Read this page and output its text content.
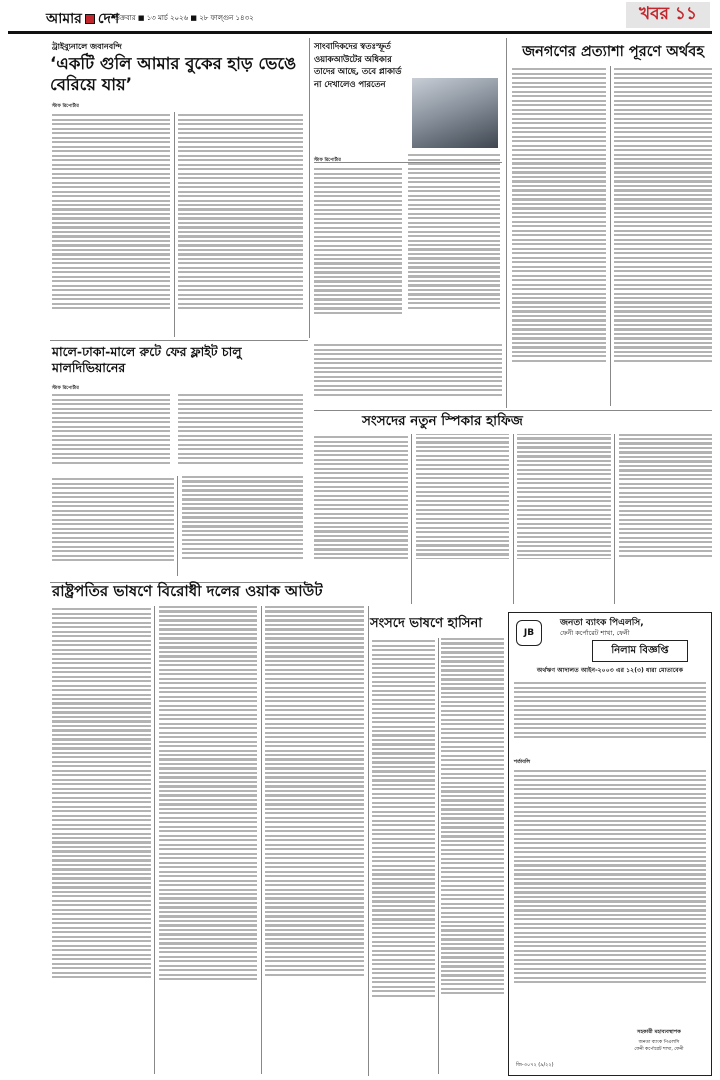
আমার দেশ
শুক্রবার ■ ১৩ মার্চ ২০২৬ ■ ২৮ ফাল্গুন ১৪৩২	খবর ১১
ট্রাইব্যুনালে জবানবন্দি
‘একটি গুলি আমার বুকের হাড় ভেঙে বেরিয়ে যায়’
স্টাফ রিপোর্টার
সাংবাদিকদের স্বতঃস্ফূর্ত ওয়াকআউটের অধিকার তাদের আছে, তবে প্লাকার্ড না দেখালেও পারতেন
স্টাফ রিপোর্টার
জনগণের প্রত্যাশা পূরণে অর্থবহ
মালে-ঢাকা-মালে রুটে ফের ফ্লাইট চালু মালদিভিয়ানের
স্টাফ রিপোর্টার
সংসদের নতুন স্পিকার হাফিজ
রাষ্ট্রপতির ভাষণে বিরোধী দলের ওয়াক আউট
সংসদে ভাষণে হাসিনা
JB
জনতা ব্যাংক পিএলসি,
ফেনী কর্পোরেট শাখা, ফেনী
নিলাম বিজ্ঞপ্তি
অর্থঋণ আদালত আইন-২০০৩ এর ১২(৩) ধারা মোতাবেক
শর্তাবলি
সহকারী মহাব্যবস্থাপক
জনতা ব্যাংক পিএলসি
ফেনী কর্পোরেট শাখা, ফেনী
জি-৩০৭২ (৯/২২)
